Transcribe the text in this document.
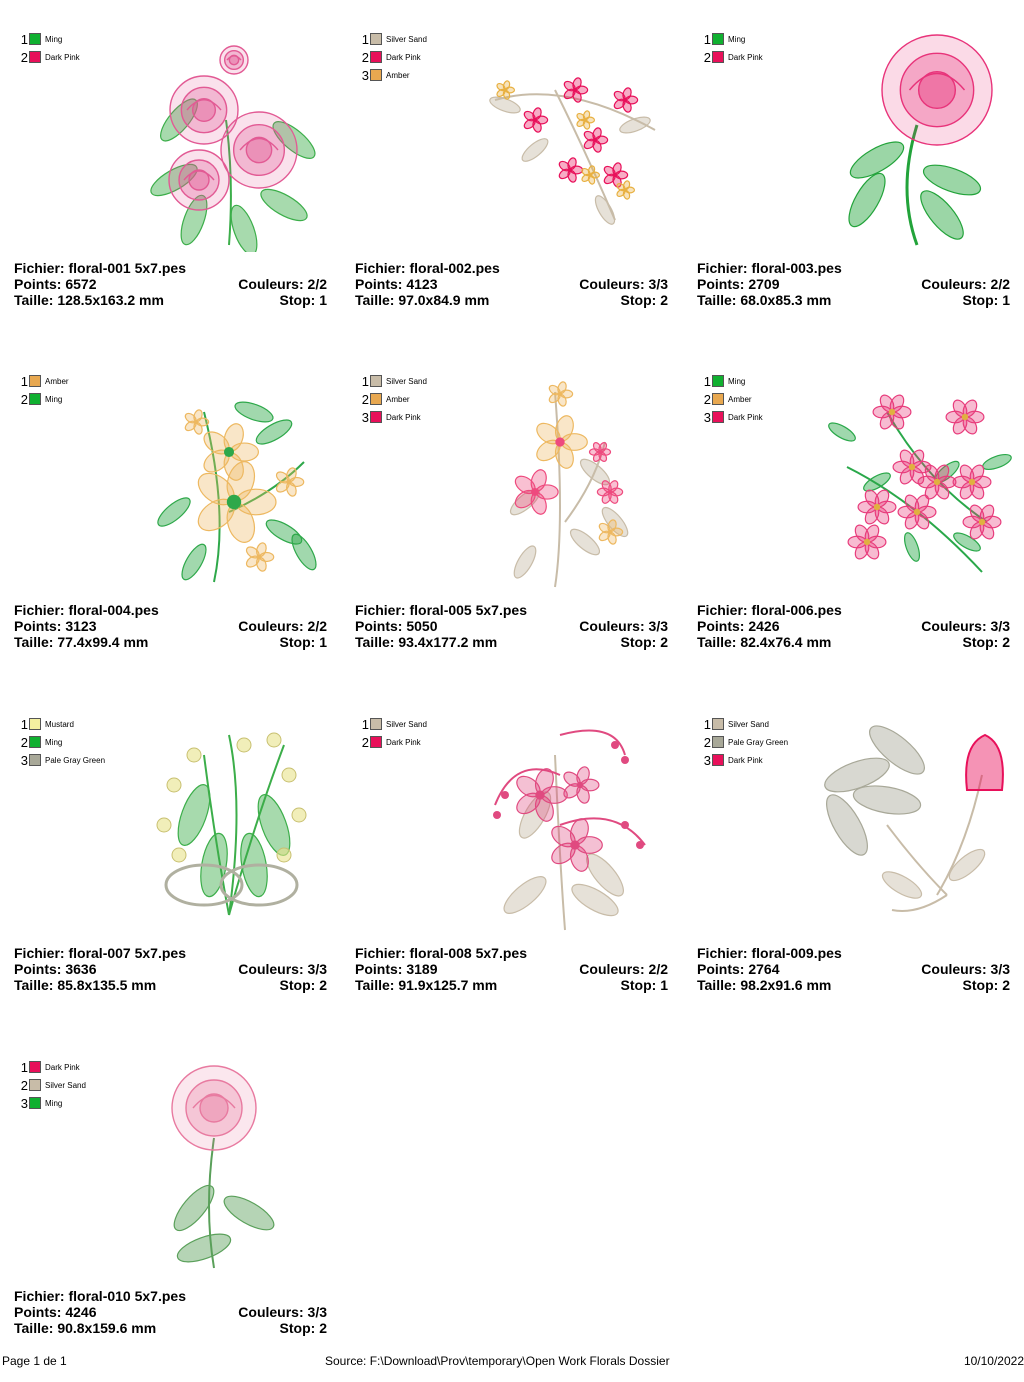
1 Ming
2 Dark Pink
Fichier: floral-001 5x7.pes
Points: 6572	Couleurs: 2/2
Taille: 128.5x163.2 mm	Stop: 1
1 Silver Sand
2 Dark Pink
3 Amber
Fichier: floral-002.pes
Points: 4123	Couleurs: 3/3
Taille: 97.0x84.9 mm	Stop: 2
1 Ming
2 Dark Pink
Fichier: floral-003.pes
Points: 2709	Couleurs: 2/2
Taille: 68.0x85.3 mm	Stop: 1
1 Amber
2 Ming
Fichier: floral-004.pes
Points: 3123	Couleurs: 2/2
Taille: 77.4x99.4 mm	Stop: 1
1 Silver Sand
2 Amber
3 Dark Pink
Fichier: floral-005 5x7.pes
Points: 5050	Couleurs: 3/3
Taille: 93.4x177.2 mm	Stop: 2
1 Ming
2 Amber
3 Dark Pink
Fichier: floral-006.pes
Points: 2426	Couleurs: 3/3
Taille: 82.4x76.4 mm	Stop: 2
1 Mustard
2 Ming
3 Pale Gray Green
Fichier: floral-007 5x7.pes
Points: 3636	Couleurs: 3/3
Taille: 85.8x135.5 mm	Stop: 2
1 Silver Sand
2 Dark Pink
Fichier: floral-008 5x7.pes
Points: 3189	Couleurs: 2/2
Taille: 91.9x125.7 mm	Stop: 1
1 Silver Sand
2 Pale Gray Green
3 Dark Pink
Fichier: floral-009.pes
Points: 2764	Couleurs: 3/3
Taille: 98.2x91.6 mm	Stop: 2
1 Dark Pink
2 Silver Sand
3 Ming
Fichier: floral-010 5x7.pes
Points: 4246	Couleurs: 3/3
Taille: 90.8x159.6 mm	Stop: 2
Page 1 de 1	Source: F:\Download\Prov\temporary\Open Work Florals Dossier	10/10/2022
